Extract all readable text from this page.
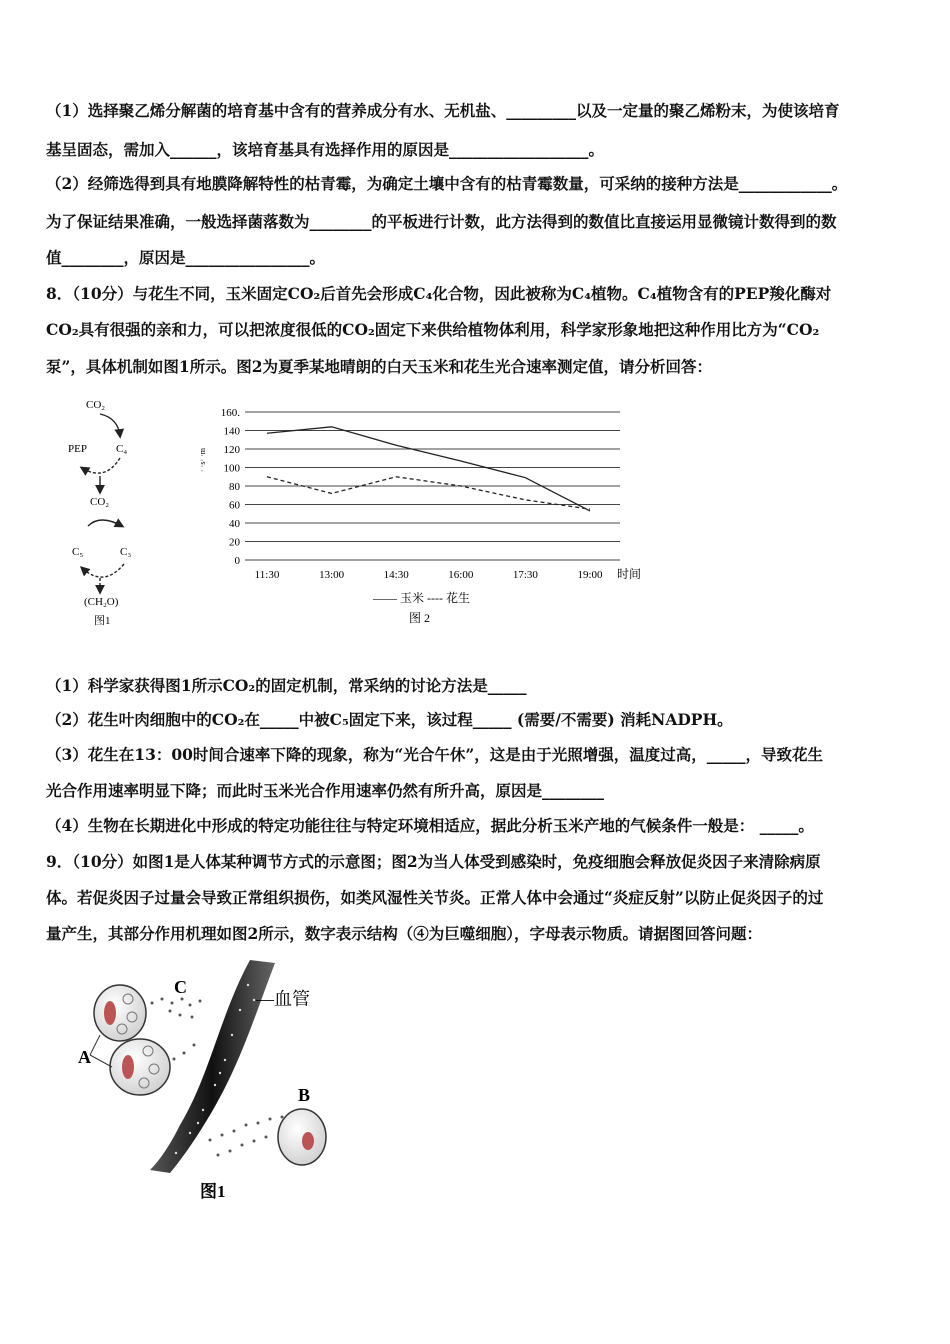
（1）选择聚乙烯分解菌的培育基中含有的营养成分有水、无机盐、_________以及一定量的聚乙烯粉末，为使该培育
基呈固态，需加入______，该培育基具有选择作用的原因是__________________。
（2）经筛选得到具有地膜降解特性的枯青霉，为确定土壤中含有的枯青霉数量，可采纳的接种方法是____________。
为了保证结果准确，一般选择菌落数为________的平板进行计数，此方法得到的数值比直接运用显微镜计数得到的数
值________，原因是________________。
8．（10分）与花生不同，玉米固定CO₂后首先会形成C₄化合物，因此被称为C₄植物。C₄植物含有的PEP羧化酶对
CO₂具有很强的亲和力，可以把浓度很低的CO₂固定下来供给植物体利用，科学家形象地把这种作用比方为“CO₂
泵”，具体机制如图1所示。图2为夏季某地晴朗的白天玉米和花生光合速率测定值，请分析回答：
CO₂
PEP	C₄
CO₂
C₅	C₃
(CH₂O)
图1
0
20
40
60
80
100
120
140
160.
11:30	13:00	14:30	16:00	17:30	19:00
· ·s· ·m
时间
—— 玉米 ---- 花生
图 2
（1）科学家获得图1所示CO₂的固定机制，常采纳的讨论方法是_____
（2）花生叶肉细胞中的CO₂在_____中被C₅固定下来，该过程_____ (需要/不需要) 消耗NADPH。
（3）花生在13：00时间合速率下降的现象，称为“光合午休”，这是由于光照增强，温度过高，_____，导致花生
光合作用速率明显下降；而此时玉米光合作用速率仍然有所升高，原因是________
（4）生物在长期进化中形成的特定功能往往与特定环境相适应，据此分析玉米产地的气候条件一般是： _____。
9．（10分）如图1是人体某种调节方式的示意图；图2为当人体受到感染时，免疫细胞会释放促炎因子来清除病原
体。若促炎因子过量会导致正常组织损伤，如类风湿性关节炎。正常人体中会通过“炎症反射”以防止促炎因子的过
量产生，其部分作用机理如图2所示，数字表示结构（④为巨噬细胞），字母表示物质。请据图回答问题：
C
—血管
A
B
图1
